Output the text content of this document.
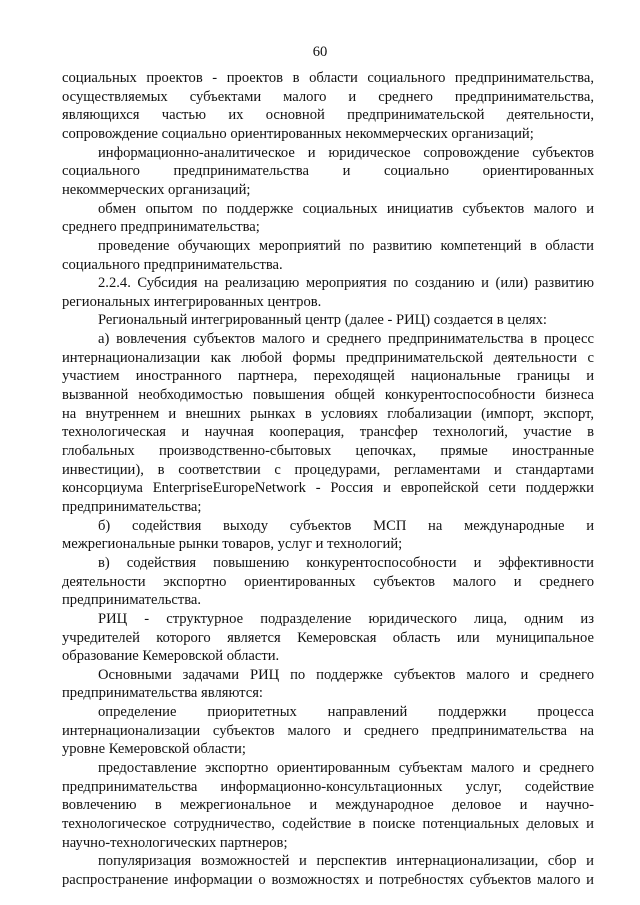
60
социальных проектов - проектов в области социального предпринимательства,
осуществляемых субъектами малого и среднего предпринимательства,
являющихся частью их основной предпринимательской деятельности,
сопровождение социально ориентированных некоммерческих организаций;
информационно-аналитическое и юридическое сопровождение субъектов
социального предпринимательства и социально ориентированных
некоммерческих организаций;
обмен опытом по поддержке социальных инициатив субъектов малого и
среднего предпринимательства;
проведение обучающих мероприятий по развитию компетенций в области
социального предпринимательства.
2.2.4. Субсидия на реализацию мероприятия по созданию и (или) развитию
региональных интегрированных центров.
Региональный интегрированный центр (далее - РИЦ) создается в целях:
а) вовлечения субъектов малого и среднего предпринимательства в процесс
интернационализации как любой формы предпринимательской деятельности с
участием иностранного партнера, переходящей национальные границы и
вызванной необходимостью повышения общей конкурентоспособности бизнеса
на внутреннем и внешних рынках в условиях глобализации (импорт, экспорт,
технологическая и научная кооперация, трансфер технологий, участие в
глобальных производственно-сбытовых цепочках, прямые иностранные
инвестиции), в соответствии с процедурами, регламентами и стандартами
консорциума EnterpriseEuropeNetwork - Россия и европейской сети поддержки
предпринимательства;
б) содействия выходу субъектов МСП на международные и
межрегиональные рынки товаров, услуг и технологий;
в) содействия повышению конкурентоспособности и эффективности
деятельности экспортно ориентированных субъектов малого и среднего
предпринимательства.
РИЦ - структурное подразделение юридического лица, одним из
учредителей которого является Кемеровская область или муниципальное
образование Кемеровской области.
Основными задачами РИЦ по поддержке субъектов малого и среднего
предпринимательства являются:
определение приоритетных направлений поддержки процесса
интернационализации субъектов малого и среднего предпринимательства на
уровне Кемеровской области;
предоставление экспортно ориентированным субъектам малого и среднего
предпринимательства информационно-консультационных услуг, содействие
вовлечению в межрегиональное и международное деловое и научно-
технологическое сотрудничество, содействие в поиске потенциальных деловых и
научно-технологических партнеров;
популяризация возможностей и перспектив интернационализации, сбор и
распространение информации о возможностях и потребностях субъектов малого и
